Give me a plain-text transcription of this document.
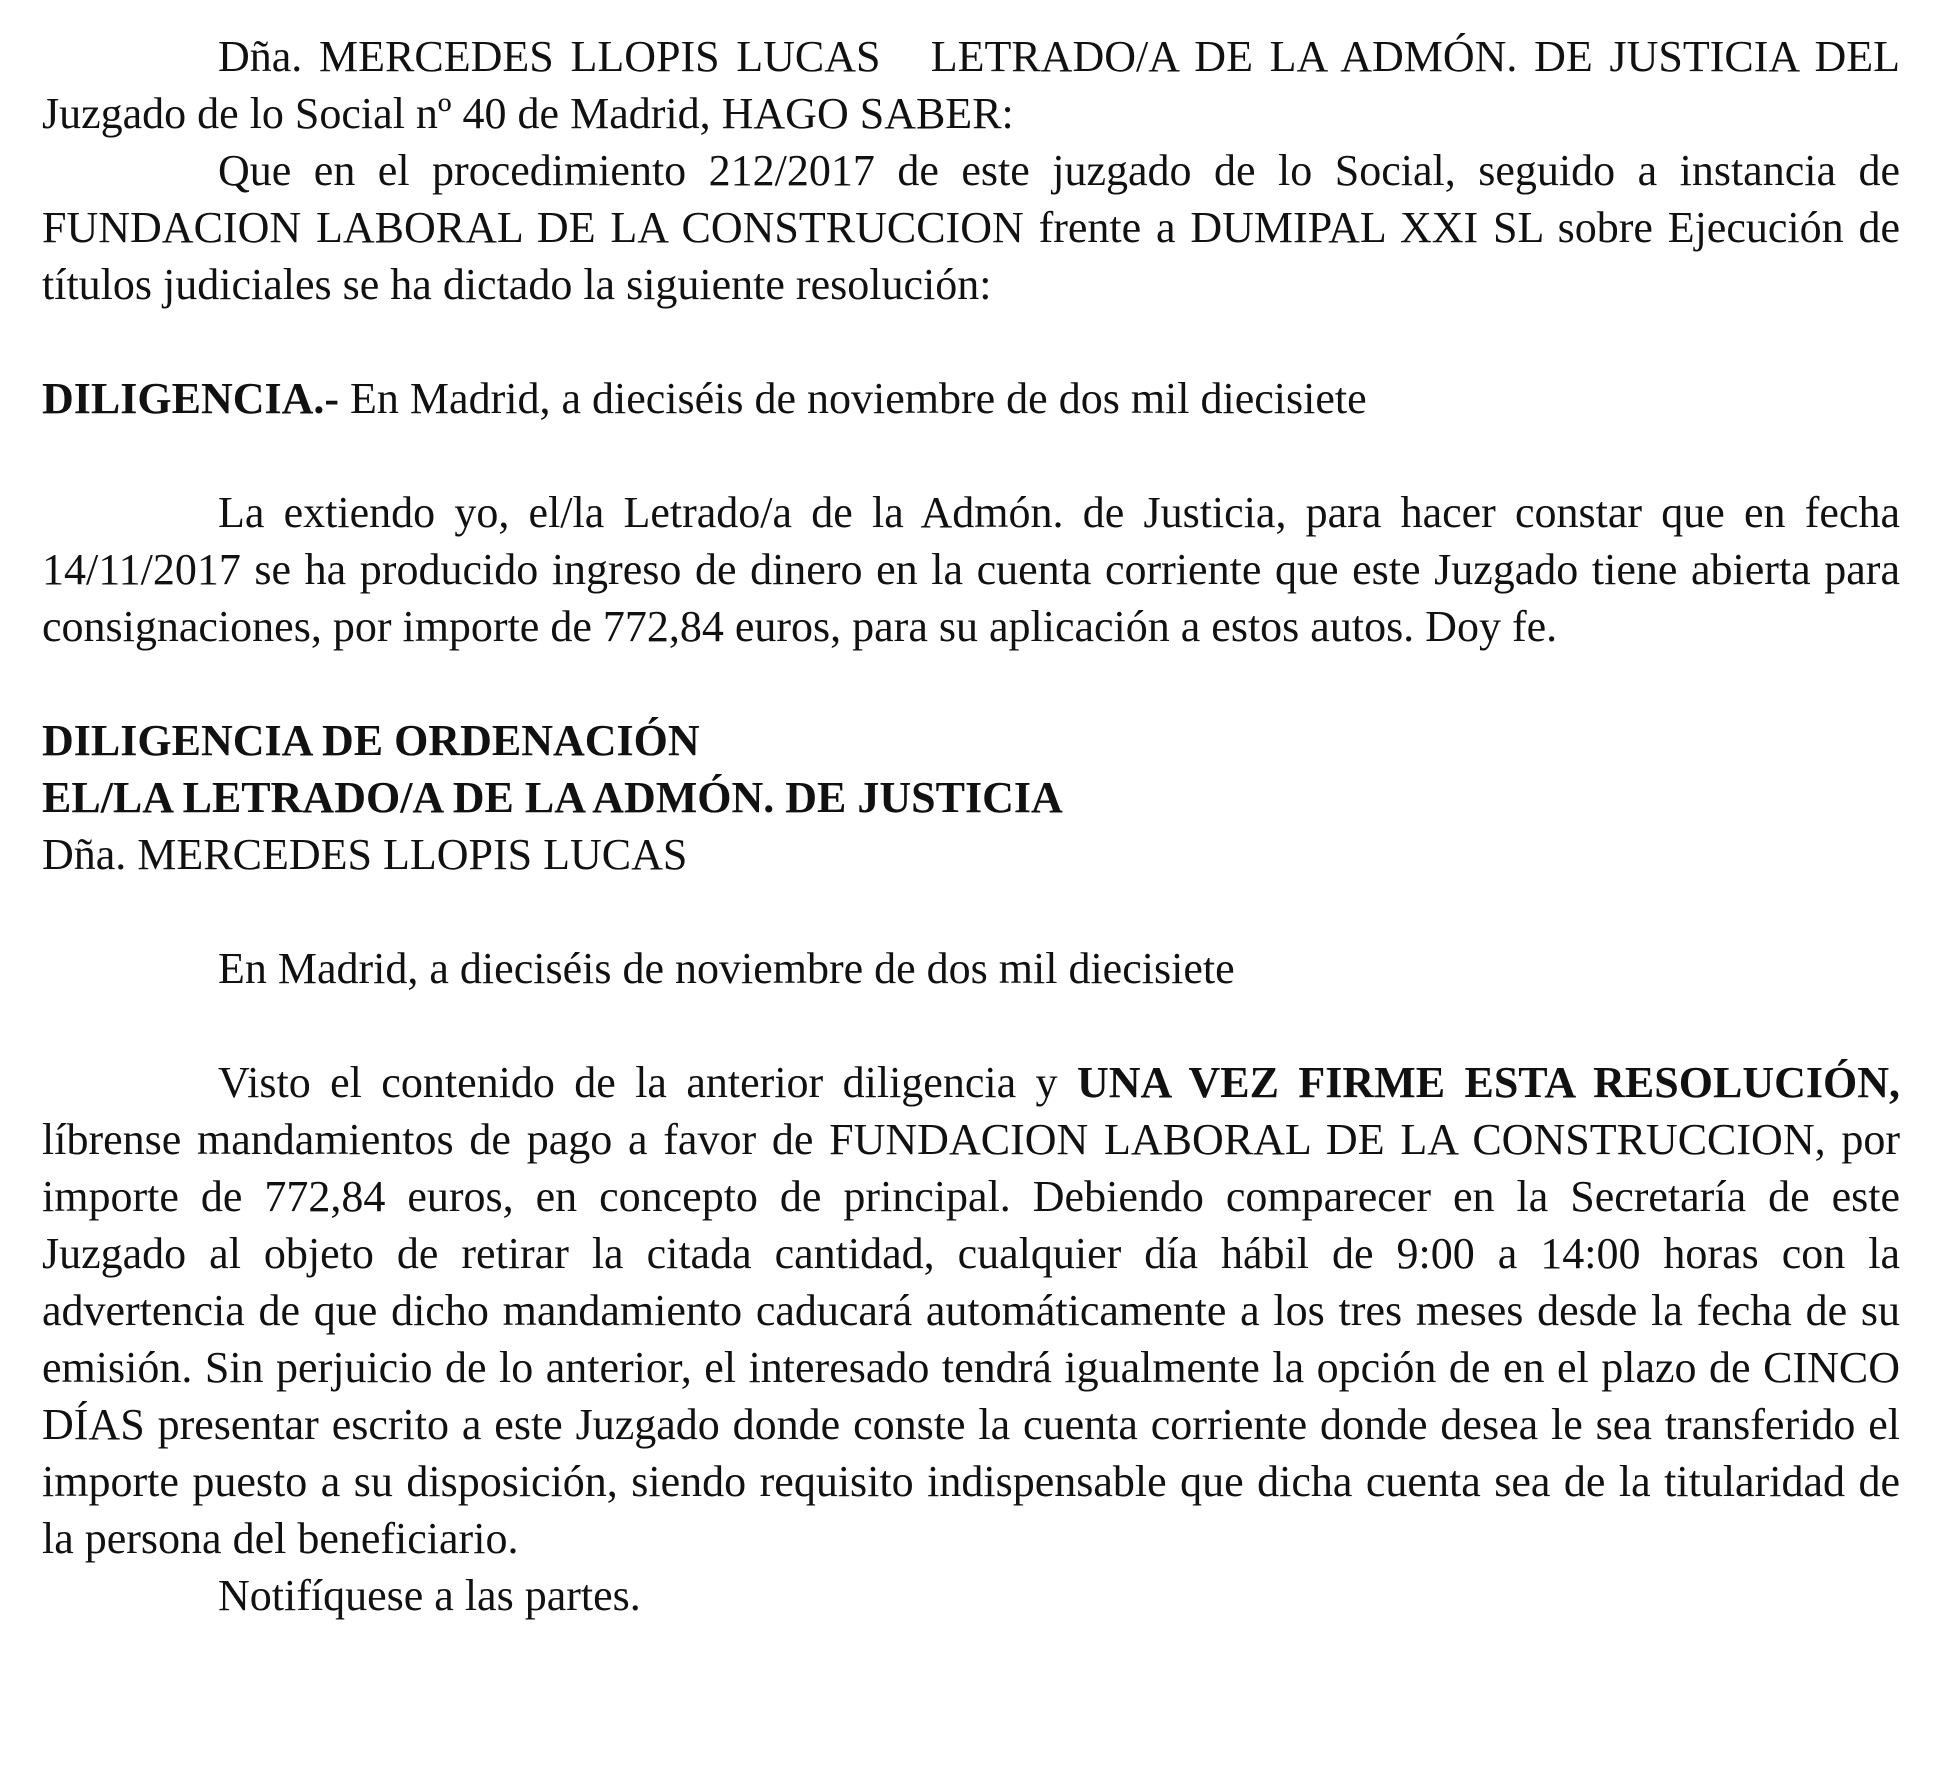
Dña. MERCEDES LLOPIS LUCAS LETRADO/A DE LA ADMÓN. DE JUSTICIA DEL Juzgado de lo Social nº 40 de Madrid, HAGO SABER:

Que en el procedimiento 212/2017 de este juzgado de lo Social, seguido a instancia de FUNDACION LABORAL DE LA CONSTRUCCION frente a DUMIPAL XXI SL sobre Ejecución de títulos judiciales se ha dictado la siguiente resolución:

DILIGENCIA.- En Madrid, a dieciséis de noviembre de dos mil diecisiete

La extiendo yo, el/la Letrado/a de la Admón. de Justicia, para hacer constar que en fecha 14/11/2017 se ha producido ingreso de dinero en la cuenta corriente que este Juzgado tiene abierta para consignaciones, por importe de 772,84 euros, para su aplicación a estos autos. Doy fe.

DILIGENCIA DE ORDENACIÓN

EL/LA LETRADO/A DE LA ADMÓN. DE JUSTICIA

Dña. MERCEDES LLOPIS LUCAS

En Madrid, a dieciséis de noviembre de dos mil diecisiete

Visto el contenido de la anterior diligencia y UNA VEZ FIRME ESTA RESOLUCIÓN, líbrense mandamientos de pago a favor de FUNDACION LABORAL DE LA CONSTRUCCION, por importe de 772,84 euros, en concepto de principal. Debiendo comparecer en la Secretaría de este Juzgado al objeto de retirar la citada cantidad, cualquier día hábil de 9:00 a 14:00 horas con la advertencia de que dicho mandamiento caducará automáticamente a los tres meses desde la fecha de su emisión. Sin perjuicio de lo anterior, el interesado tendrá igualmente la opción de en el plazo de CINCO DÍAS presentar escrito a este Juzgado donde conste la cuenta corriente donde desea le sea transferido el importe puesto a su disposición, siendo requisito indispensable que dicha cuenta sea de la titularidad de la persona del beneficiario.

Notifíquese a las partes.
